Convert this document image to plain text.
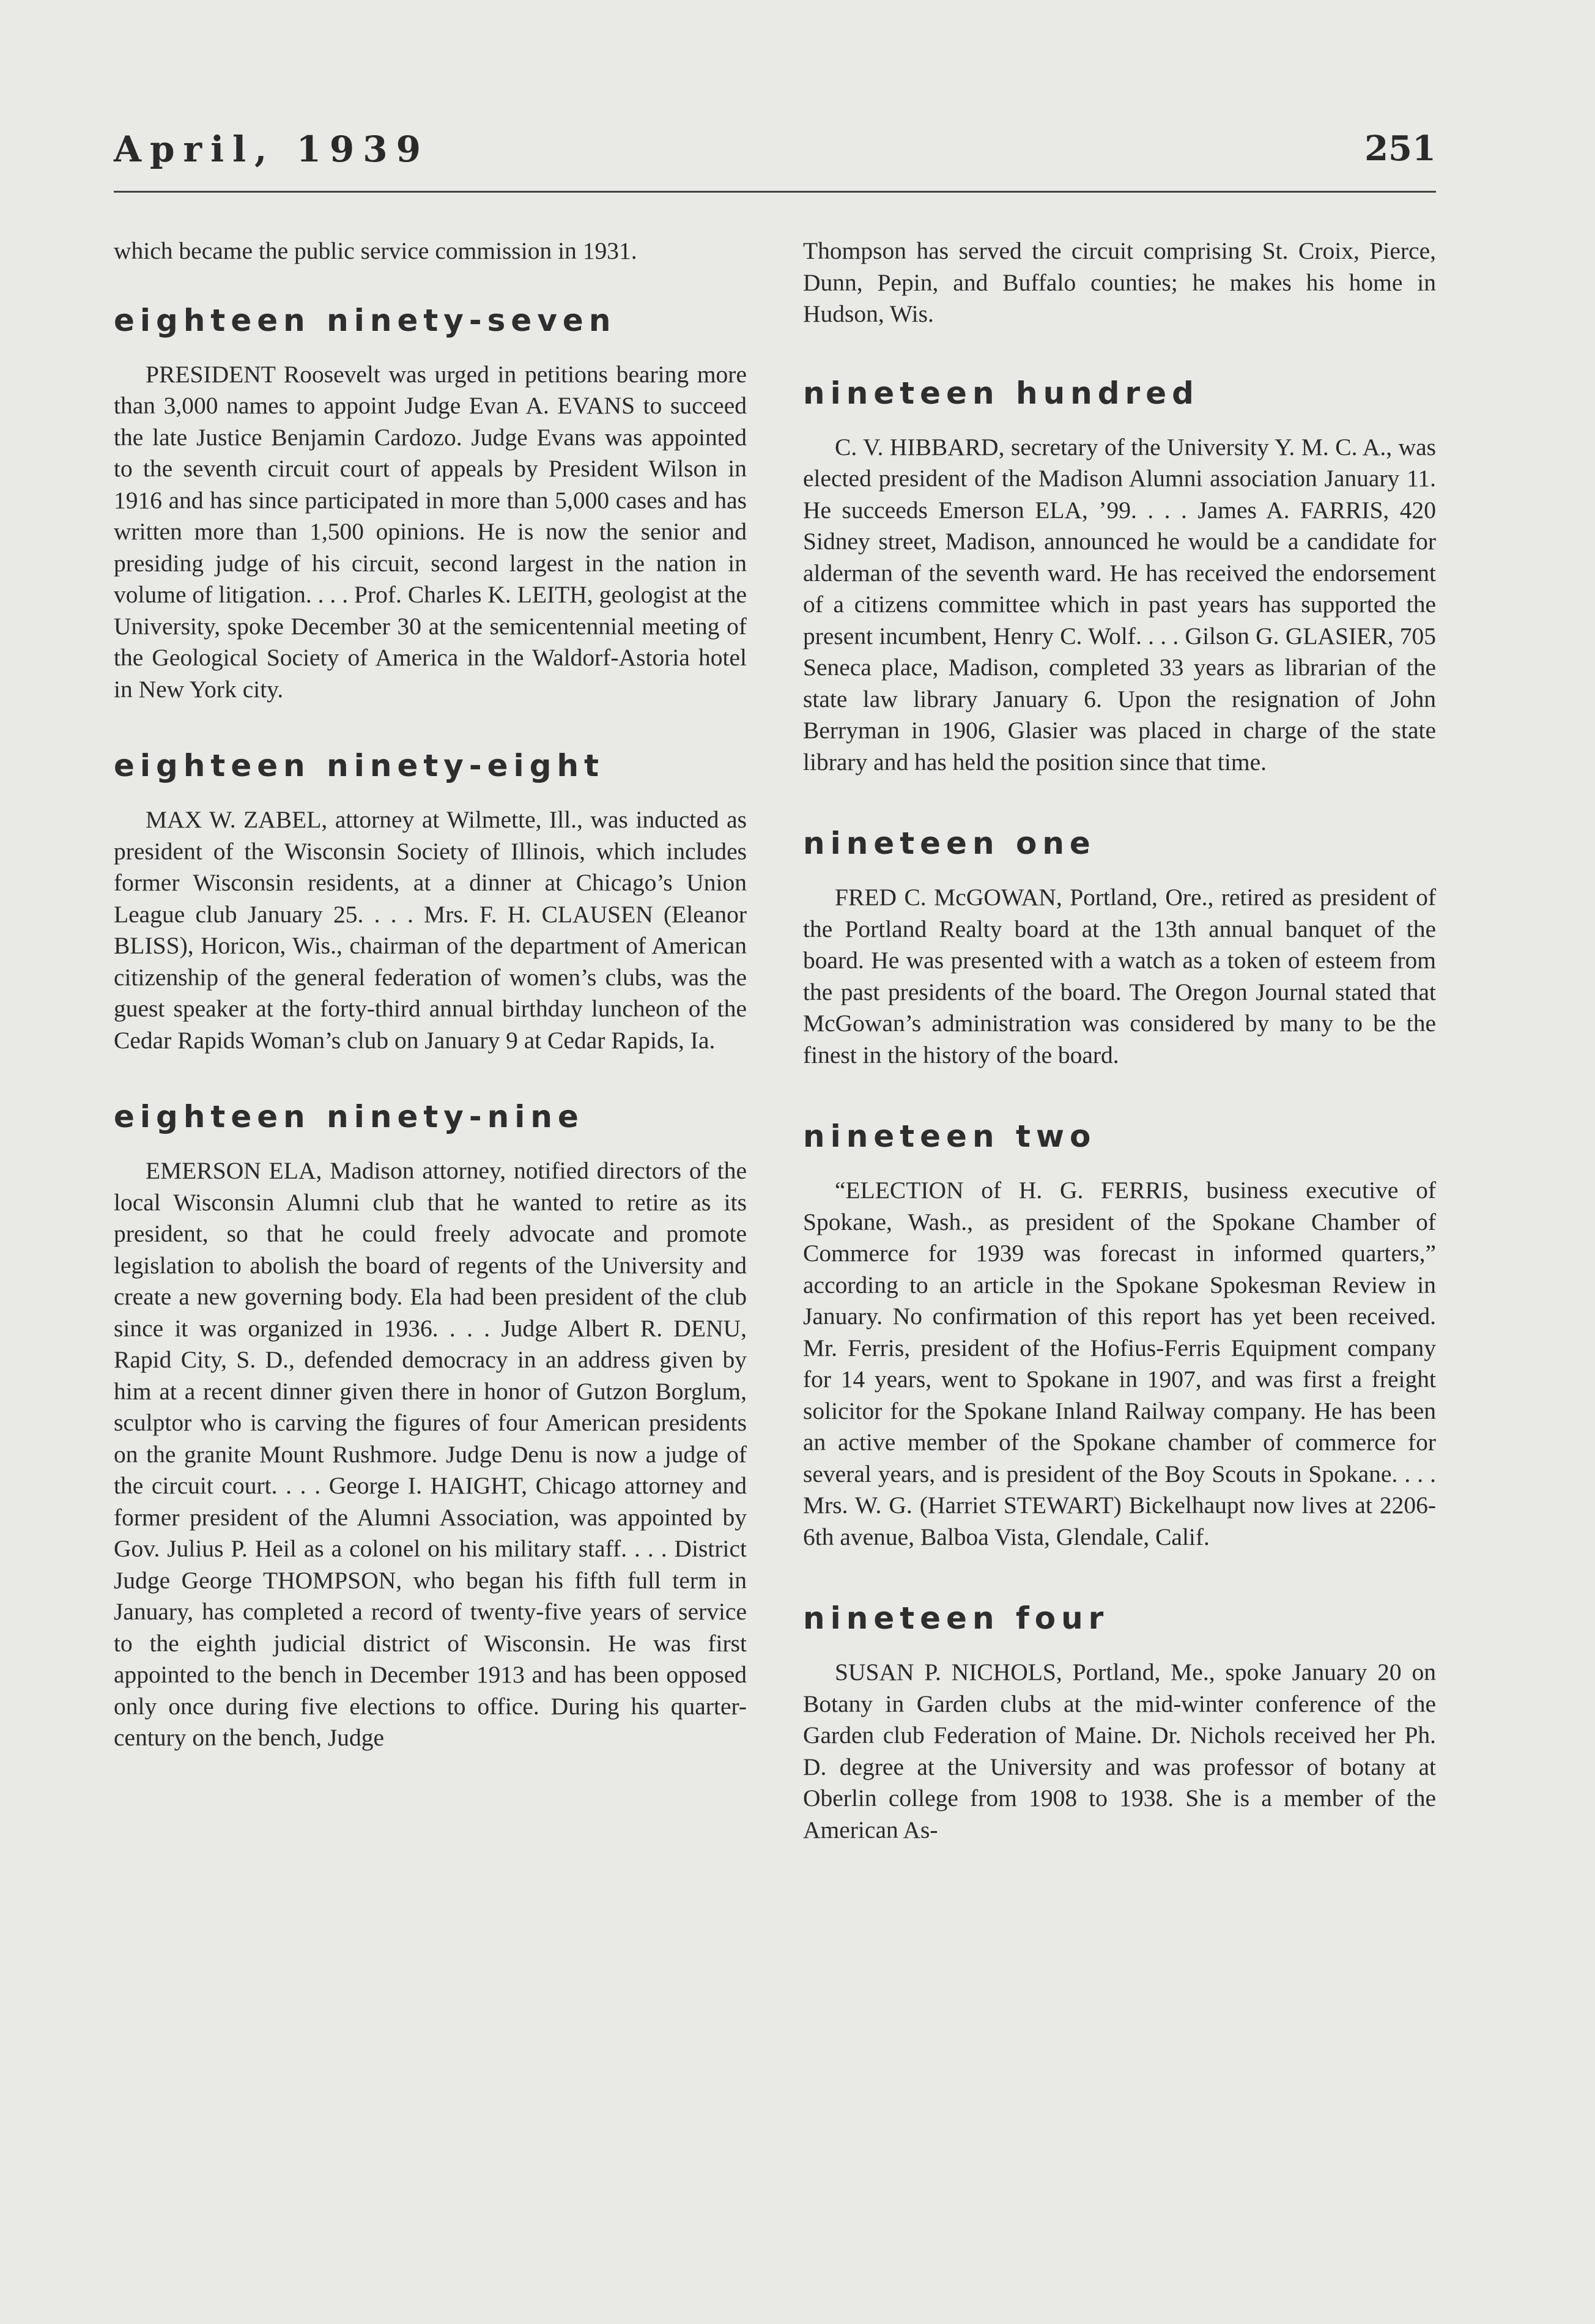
April, 1939	251

which became the public service commission in 1931.

eighteen ninety-seven

PRESIDENT Roosevelt was urged in petitions bearing more than 3,000 names to appoint Judge Evan A. EVANS to succeed the late Justice Benjamin Cardozo. Judge Evans was appointed to the seventh circuit court of appeals by President Wilson in 1916 and has since participated in more than 5,000 cases and has written more than 1,500 opinions. He is now the senior and presiding judge of his circuit, second largest in the nation in volume of litigation. . . . Prof. Charles K. LEITH, geologist at the University, spoke December 30 at the semicentennial meeting of the Geological Society of America in the Waldorf-Astoria hotel in New York city.

eighteen ninety-eight

MAX W. ZABEL, attorney at Wilmette, Ill., was inducted as president of the Wisconsin Society of Illinois, which includes former Wisconsin residents, at a dinner at Chicago’s Union League club January 25. . . . Mrs. F. H. CLAUSEN (Eleanor BLISS), Horicon, Wis., chairman of the department of American citizenship of the general federation of women’s clubs, was the guest speaker at the forty-third annual birthday luncheon of the Cedar Rapids Woman’s club on January 9 at Cedar Rapids, Ia.

eighteen ninety-nine

EMERSON ELA, Madison attorney, notified directors of the local Wisconsin Alumni club that he wanted to retire as its president, so that he could freely advocate and promote legislation to abolish the board of regents of the University and create a new governing body. Ela had been president of the club since it was organized in 1936. . . . Judge Albert R. DENU, Rapid City, S. D., defended democracy in an address given by him at a recent dinner given there in honor of Gutzon Borglum, sculptor who is carving the figures of four American presidents on the granite Mount Rushmore. Judge Denu is now a judge of the circuit court. . . . George I. HAIGHT, Chicago attorney and former president of the Alumni Association, was appointed by Gov. Julius P. Heil as a colonel on his military staff. . . . District Judge George THOMPSON, who began his fifth full term in January, has completed a record of twenty-five years of service to the eighth judicial district of Wisconsin. He was first appointed to the bench in December 1913 and has been opposed only once during five elections to office. During his quarter-century on the bench, Judge

Thompson has served the circuit comprising St. Croix, Pierce, Dunn, Pepin, and Buffalo counties; he makes his home in Hudson, Wis.

nineteen hundred

C. V. HIBBARD, secretary of the University Y. M. C. A., was elected president of the Madison Alumni association January 11. He succeeds Emerson ELA, ’99. . . . James A. FARRIS, 420 Sidney street, Madison, announced he would be a candidate for alderman of the seventh ward. He has received the endorsement of a citizens committee which in past years has supported the present incumbent, Henry C. Wolf. . . . Gilson G. GLASIER, 705 Seneca place, Madison, completed 33 years as librarian of the state law library January 6. Upon the resignation of John Berryman in 1906, Glasier was placed in charge of the state library and has held the position since that time.

nineteen one

FRED C. McGOWAN, Portland, Ore., retired as president of the Portland Realty board at the 13th annual banquet of the board. He was presented with a watch as a token of esteem from the past presidents of the board. The Oregon Journal stated that McGowan’s administration was considered by many to be the finest in the history of the board.

nineteen two

“ELECTION of H. G. FERRIS, business executive of Spokane, Wash., as president of the Spokane Chamber of Commerce for 1939 was forecast in informed quarters,” according to an article in the Spokane Spokesman Review in January. No confirmation of this report has yet been received. Mr. Ferris, president of the Hofius-Ferris Equipment company for 14 years, went to Spokane in 1907, and was first a freight solicitor for the Spokane Inland Railway company. He has been an active member of the Spokane chamber of commerce for several years, and is president of the Boy Scouts in Spokane. . . . Mrs. W. G. (Harriet STEWART) Bickelhaupt now lives at 2206-6th avenue, Balboa Vista, Glendale, Calif.

nineteen four

SUSAN P. NICHOLS, Portland, Me., spoke January 20 on Botany in Garden clubs at the mid-winter conference of the Garden club Federation of Maine. Dr. Nichols received her Ph. D. degree at the University and was professor of botany at Oberlin college from 1908 to 1938. She is a member of the American As-
